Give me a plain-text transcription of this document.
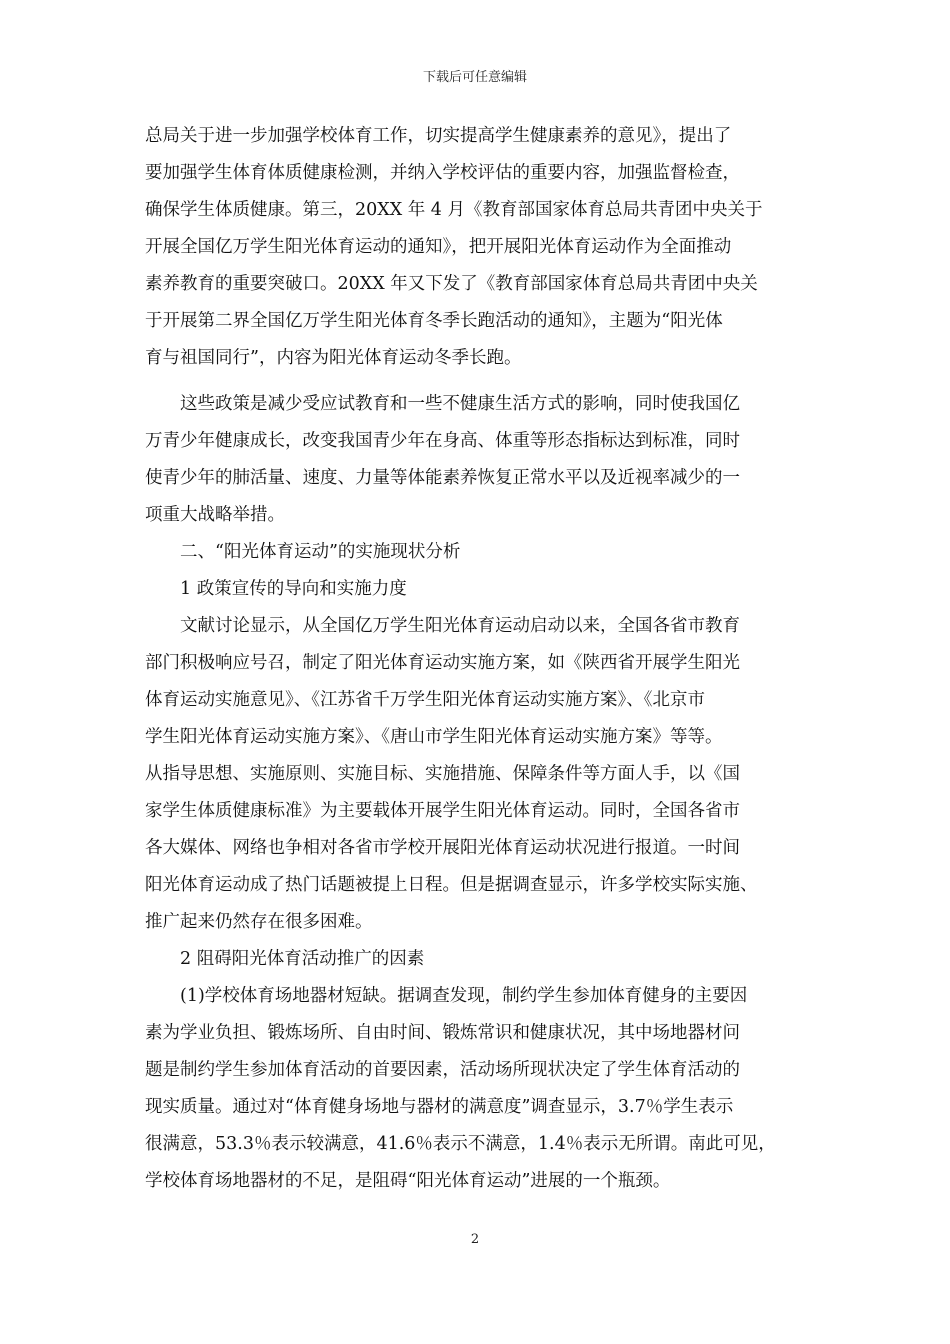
下载后可任意编辑
总局关于进一步加强学校体育工作，切实提高学生健康素养的意见》，提出了
要加强学生体育体质健康检测，并纳入学校评估的重要内容，加强监督检查，
确保学生体质健康。第三，20XX 年 4 月《教育部国家体育总局共青团中央关于
开展全国亿万学生阳光体育运动的通知》，把开展阳光体育运动作为全面推动
素养教育的重要突破口。20XX 年又下发了《教育部国家体育总局共青团中央关
于开展第二界全国亿万学生阳光体育冬季长跑活动的通知》，主题为“阳光体
育与祖国同行”，内容为阳光体育运动冬季长跑。
　　这些政策是减少受应试教育和一些不健康生活方式的影响，同时使我国亿
万青少年健康成长，改变我国青少年在身高、体重等形态指标达到标准，同时
使青少年的肺活量、速度、力量等体能素养恢复正常水平以及近视率减少的一
项重大战略举措。
　　二、“阳光体育运动”的实施现状分析
　　1 政策宣传的导向和实施力度
　　文献讨论显示，从全国亿万学生阳光体育运动启动以来，全国各省市教育
部门积极响应号召，制定了阳光体育运动实施方案，如《陕西省开展学生阳光
体育运动实施意见》、《江苏省千万学生阳光体育运动实施方案》、《北京市
学生阳光体育运动实施方案》、《唐山市学生阳光体育运动实施方案》等等。
从指导思想、实施原则、实施目标、实施措施、保障条件等方面人手，以《国
家学生体质健康标准》为主要载体开展学生阳光体育运动。同时，全国各省市
各大媒体、网络也争相对各省市学校开展阳光体育运动状况进行报道。一时间
阳光体育运动成了热门话题被提上日程。但是据调查显示，许多学校实际实施、
推广起来仍然存在很多困难。
　　2 阻碍阳光体育活动推广的因素
　　(1)学校体育场地器材短缺。据调查发现，制约学生参加体育健身的主要因
素为学业负担、锻炼场所、自由时间、锻炼常识和健康状况，其中场地器材问
题是制约学生参加体育活动的首要因素，活动场所现状决定了学生体育活动的
现实质量。通过对“体育健身场地与器材的满意度”调查显示，3.7％学生表示
很满意，53.3％表示较满意，41.6％表示不满意，1.4％表示无所谓。南此可见，
学校体育场地器材的不足，是阻碍“阳光体育运动”进展的一个瓶颈。
2
